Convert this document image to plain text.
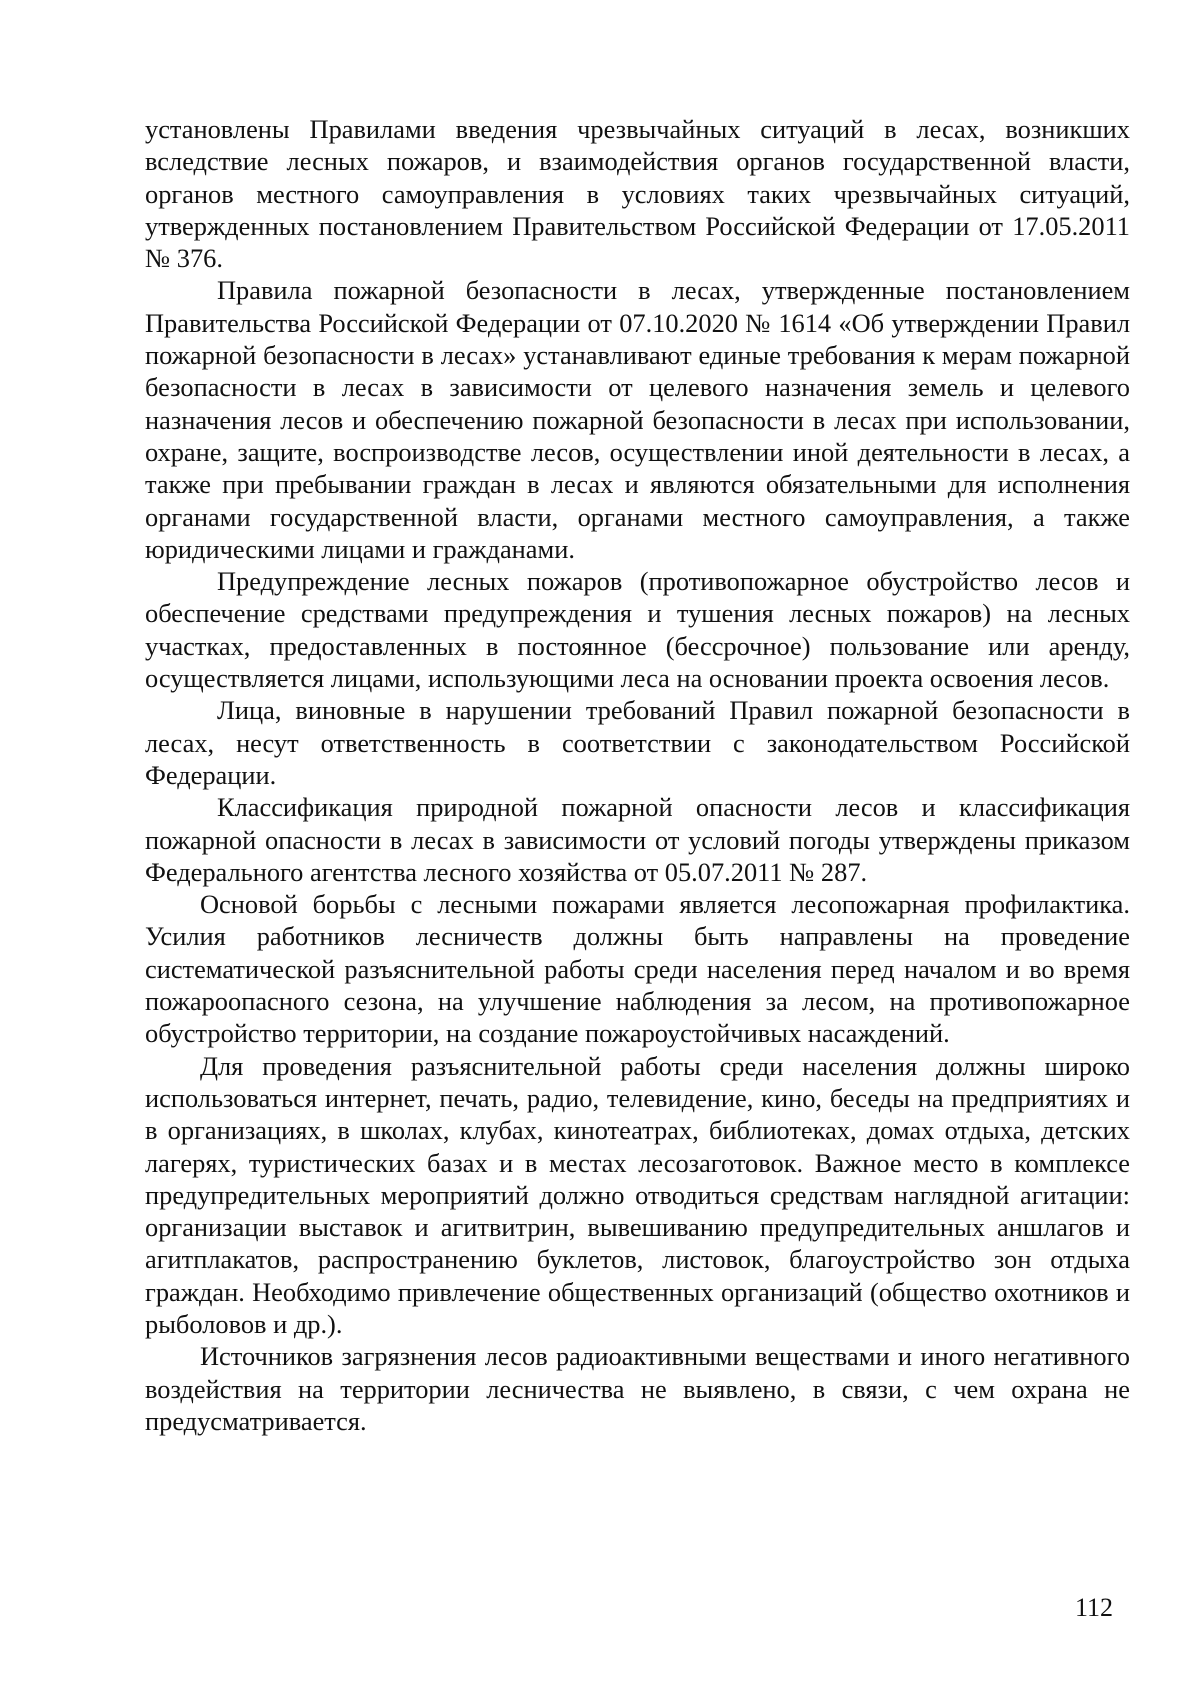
установлены Правилами введения чрезвычайных ситуаций в лесах, возникших вследствие лесных пожаров, и взаимодействия органов государственной власти, органов местного самоуправления в условиях таких чрезвычайных ситуаций, утвержденных постановлением Правительством Российской Федерации от 17.05.2011 № 376.

Правила пожарной безопасности в лесах, утвержденные постановлением Правительства Российской Федерации от 07.10.2020 № 1614 «Об утверждении Правил пожарной безопасности в лесах» устанавливают единые требования к мерам пожарной безопасности в лесах в зависимости от целевого назначения земель и целевого назначения лесов и обеспечению пожарной безопасности в лесах при использовании, охране, защите, воспроизводстве лесов, осуществлении иной деятельности в лесах, а также при пребывании граждан в лесах и являются обязательными для исполнения органами государственной власти, органами местного самоуправления, а также юридическими лицами и гражданами.

Предупреждение лесных пожаров (противопожарное обустройство лесов и обеспечение средствами предупреждения и тушения лесных пожаров) на лесных участках, предоставленных в постоянное (бессрочное) пользование или аренду, осуществляется лицами, использующими леса на основании проекта освоения лесов.

Лица, виновные в нарушении требований Правил пожарной безопасности в лесах, несут ответственность в соответствии с законодательством Российской Федерации.

Классификация природной пожарной опасности лесов и классификация пожарной опасности в лесах в зависимости от условий погоды утверждены приказом Федерального агентства лесного хозяйства от 05.07.2011 № 287.

Основой борьбы с лесными пожарами является лесопожарная профилактика. Усилия работников лесничеств должны быть направлены на проведение систематической разъяснительной работы среди населения перед началом и во время пожароопасного сезона, на улучшение наблюдения за лесом, на противопожарное обустройство территории, на создание пожароустойчивых насаждений.

Для проведения разъяснительной работы среди населения должны широко использоваться интернет, печать, радио, телевидение, кино, беседы на предприятиях и в организациях, в школах, клубах, кинотеатрах, библиотеках, домах отдыха, детских лагерях, туристических базах и в местах лесозаготовок. Важное место в комплексе предупредительных мероприятий должно отводиться средствам наглядной агитации: организации выставок и агитвитрин, вывешиванию предупредительных аншлагов и агитплакатов, распространению буклетов, листовок, благоустройство зон отдыха граждан. Необходимо привлечение общественных организаций (общество охотников и рыболовов и др.).

Источников загрязнения лесов радиоактивными веществами и иного негативного воздействия на территории лесничества не выявлено, в связи, с чем охрана не предусматривается.

112
